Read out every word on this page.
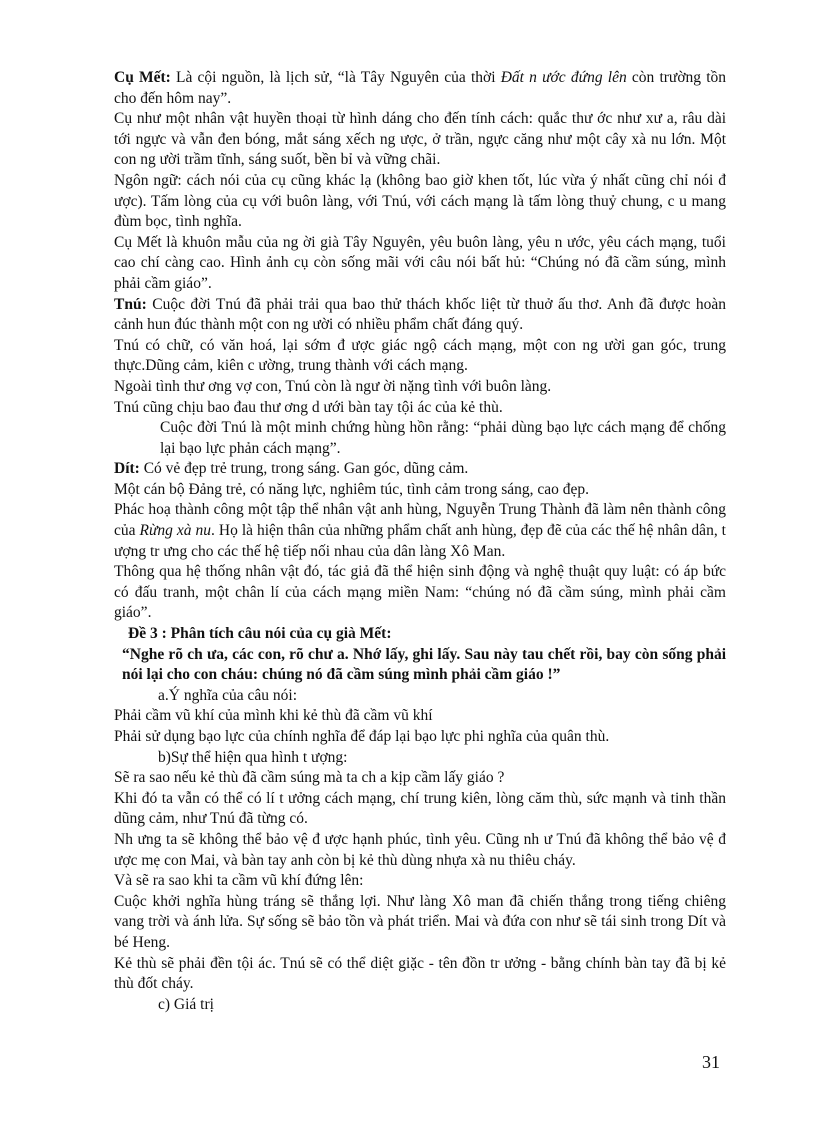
Cụ Mết: Là cội nguồn, là lịch sử, “là Tây Nguyên của thời Đất n ước đứng lên còn trường tồn cho đến hôm nay”.

Cụ như một nhân vật huyền thoại từ hình dáng cho đến tính cách: quắc thư ớc như xư a, râu dài tới ngực và vẫn đen bóng, mắt sáng xếch ng ược, ở trần, ngực căng như một cây xà nu lớn. Một con ng ười trầm tĩnh, sáng suốt, bền bỉ và vững chãi.

Ngôn ngữ: cách nói của cụ cũng khác lạ (không bao giờ khen tốt, lúc vừa ý nhất cũng chỉ nói đ ược). Tấm lòng của cụ với buôn làng, với Tnú, với cách mạng là tấm lòng thuỷ chung, c u mang đùm bọc, tình nghĩa.

Cụ Mết là khuôn mẫu của ng ời già Tây Nguyên, yêu buôn làng, yêu n ước, yêu cách mạng, tuổi cao chí càng cao. Hình ảnh cụ còn sống mãi với câu nói bất hủ: “Chúng nó đã cầm súng, mình phải cầm giáo”.

Tnú: Cuộc đời Tnú đã phải trải qua bao thử thách khốc liệt từ thuở ấu thơ. Anh đã được hoàn cảnh hun đúc thành một con ng ười có nhiều phẩm chất đáng quý.

Tnú có chữ, có văn hoá, lại sớm đ ược giác ngộ cách mạng, một con ng ười gan góc, trung thực.Dũng cảm, kiên c ường, trung thành với cách mạng.

Ngoài tình thư ơng vợ con, Tnú còn là ngư ời nặng tình với buôn làng.

Tnú cũng chịu bao đau thư ơng d ưới bàn tay tội ác của kẻ thù.

Cuộc đời Tnú là một minh chứng hùng hồn rằng: “phải dùng bạo lực cách mạng để chống lại bạo lực phản cách mạng”.

Dít: Có vẻ đẹp trẻ trung, trong sáng. Gan góc, dũng cảm.

Một cán bộ Đảng trẻ, có năng lực, nghiêm túc, tình cảm trong sáng, cao đẹp.

Phác hoạ thành công một tập thể nhân vật anh hùng, Nguyễn Trung Thành đã làm nên thành công của Rừng xà nu. Họ là hiện thân của những phẩm chất anh hùng, đẹp đẽ của các thế hệ nhân dân, t ượng tr ưng cho các thế hệ tiếp nối nhau của dân làng Xô Man.

Thông qua hệ thống nhân vật đó, tác giả đã thể hiện sinh động và nghệ thuật quy luật: có áp bức có đấu tranh, một chân lí của cách mạng miền Nam: “chúng nó đã cầm súng, mình phải cầm giáo”.

Đề 3 : Phân tích câu nói của cụ già Mết:

“Nghe rõ ch ưa, các con, rõ chư a. Nhớ lấy, ghi lấy. Sau này tau chết rồi, bay còn sống phải nói lại cho con cháu: chúng nó đã cầm súng mình phải cầm giáo !”

a.Ý nghĩa của câu nói:

Phải cầm vũ khí của mình khi kẻ thù đã cầm vũ khí

Phải sử dụng bạo lực của chính nghĩa để đáp lại bạo lực phi nghĩa của quân thù.

b)Sự thể hiện qua hình t ượng:

Sẽ ra sao nếu kẻ thù đã cầm súng mà ta ch a kịp cầm lấy giáo ?

Khi đó ta vẫn có thể có lí t ưởng cách mạng, chí trung kiên, lòng căm thù, sức mạnh và tinh thần dũng cảm, như Tnú đã từng có.

Nh ưng ta sẽ không thể bảo vệ đ ược hạnh phúc, tình yêu. Cũng nh ư Tnú đã không thể bảo vệ đ ược mẹ con Mai, và bàn tay anh còn bị kẻ thù dùng nhựa xà nu thiêu cháy.

Và sẽ ra sao khi ta cầm vũ khí đứng lên:

Cuộc khởi nghĩa hùng tráng sẽ thắng lợi. Như làng Xô man đã chiến thắng trong tiếng chiêng vang trời và ánh lửa. Sự sống sẽ bảo tồn và phát triển. Mai và đứa con như sẽ tái sinh trong Dít và bé Heng.

Kẻ thù sẽ phải đền tội ác. Tnú sẽ có thể diệt giặc - tên đồn tr ưởng - bằng chính bàn tay đã bị kẻ thù đốt cháy.

c) Giá trị

31
